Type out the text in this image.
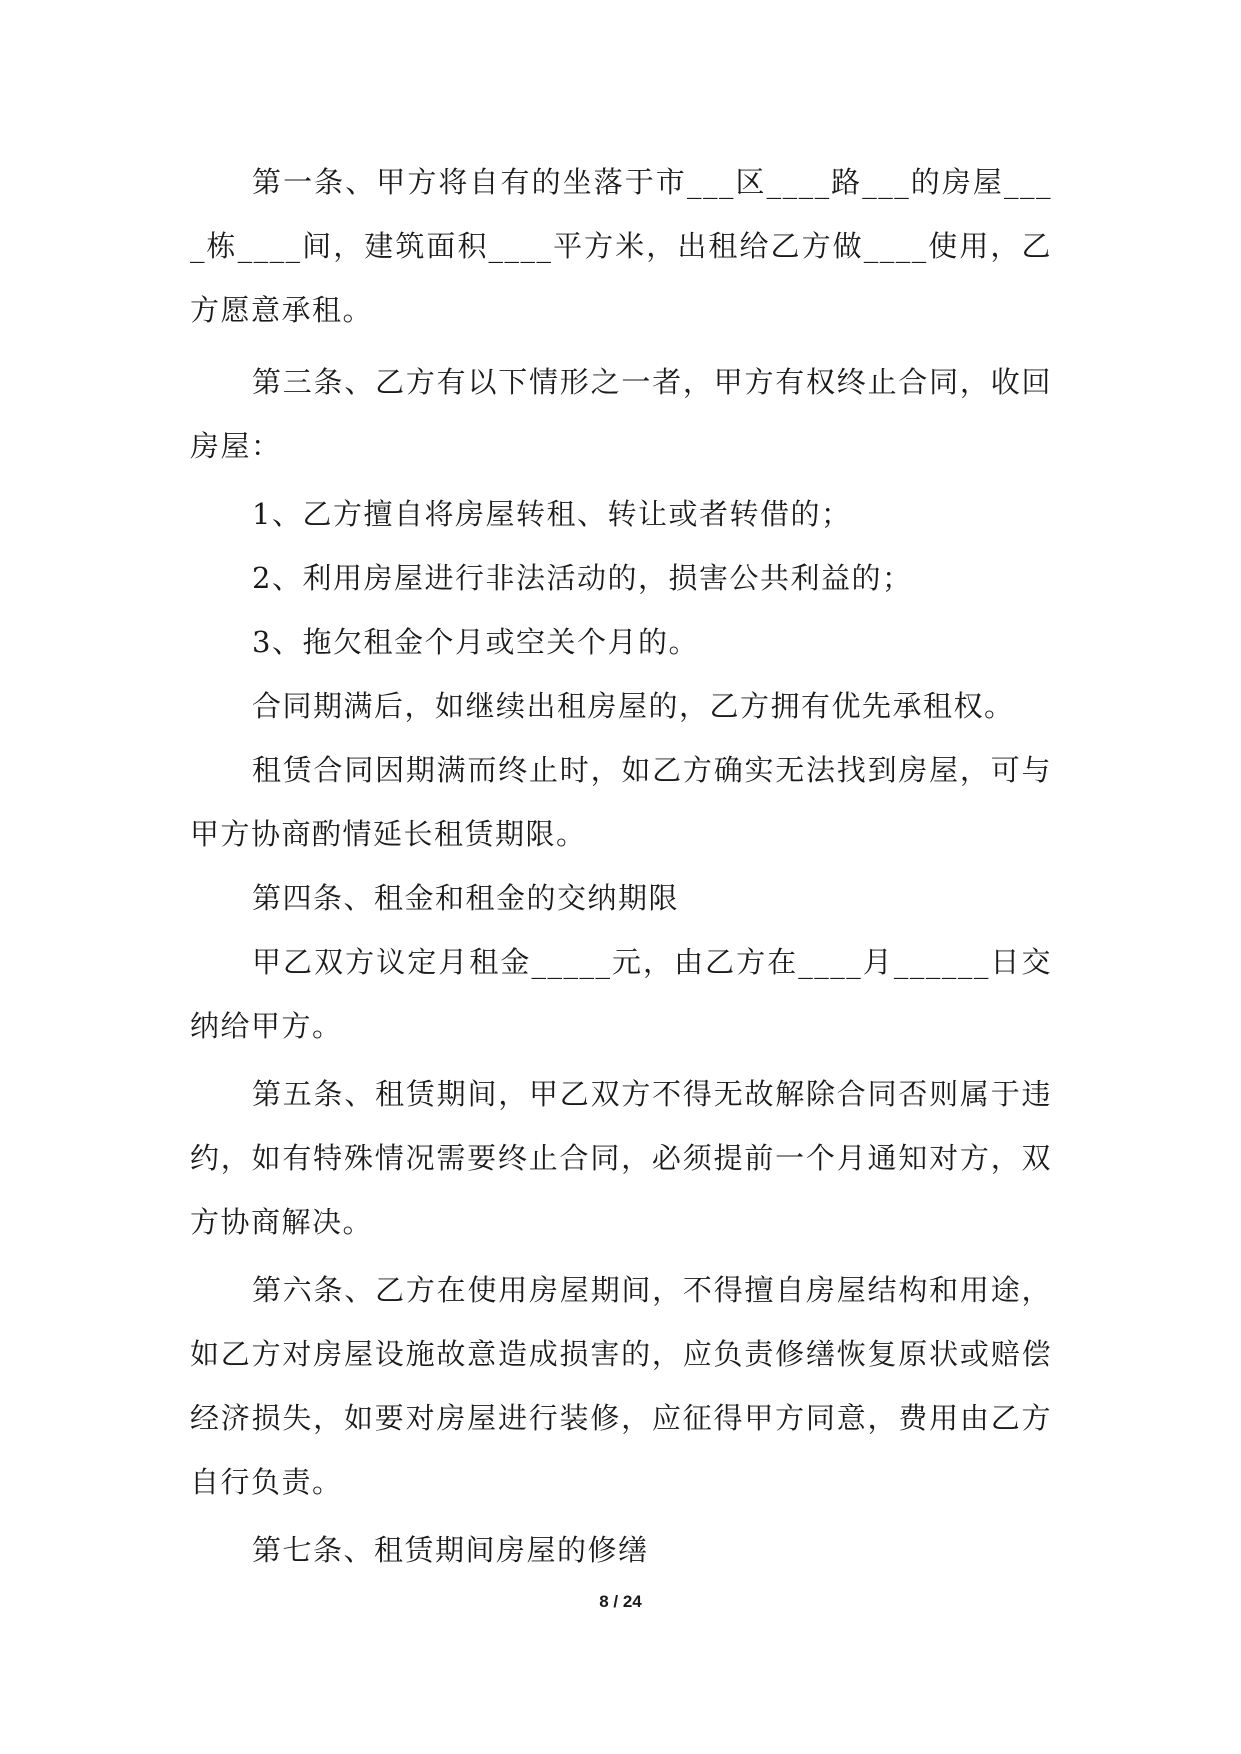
第一条、甲方将自有的坐落于市___区____路___的房屋____栋____间，建筑面积____平方米，出租给乙方做____使用，乙方愿意承租。

第三条、乙方有以下情形之一者，甲方有权终止合同，收回房屋：

1、乙方擅自将房屋转租、转让或者转借的；

2、利用房屋进行非法活动的，损害公共利益的；

3、拖欠租金个月或空关个月的。

合同期满后，如继续出租房屋的，乙方拥有优先承租权。

租赁合同因期满而终止时，如乙方确实无法找到房屋，可与甲方协商酌情延长租赁期限。

第四条、租金和租金的交纳期限

甲乙双方议定月租金_____元，由乙方在____月______日交纳给甲方。

第五条、租赁期间，甲乙双方不得无故解除合同否则属于违约，如有特殊情况需要终止合同，必须提前一个月通知对方，双方协商解决。

第六条、乙方在使用房屋期间，不得擅自房屋结构和用途，如乙方对房屋设施故意造成损害的，应负责修缮恢复原状或赔偿经济损失，如要对房屋进行装修，应征得甲方同意，费用由乙方自行负责。

第七条、租赁期间房屋的修缮

8 / 24
